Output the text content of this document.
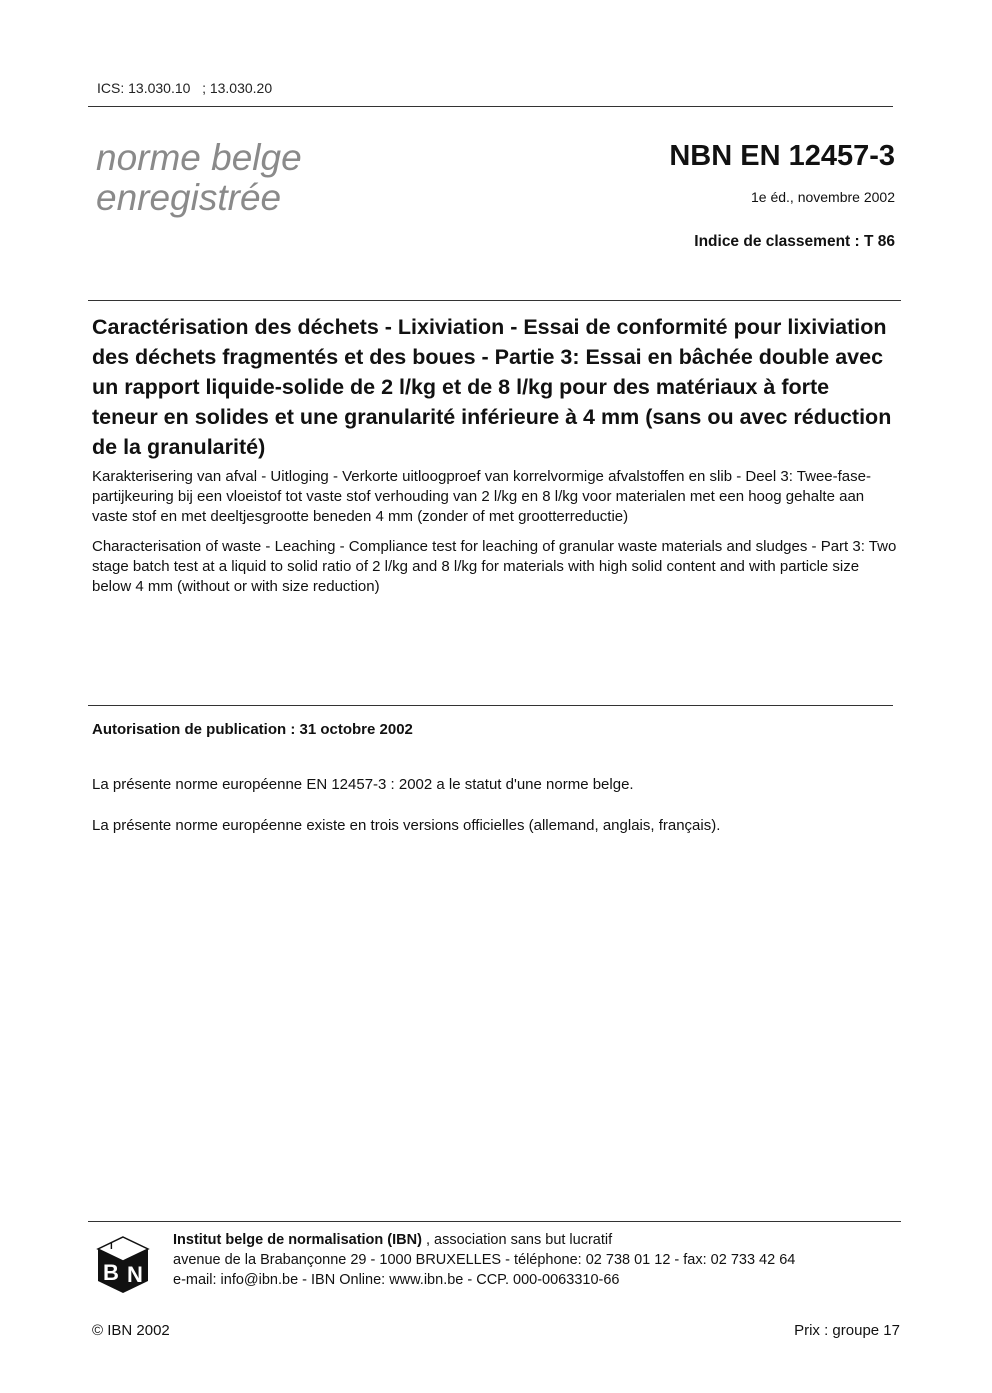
ICS: 13.030.10   ; 13.030.20
norme belge
enregistrée
NBN EN 12457-3
1e éd., novembre 2002
Indice de classement : T 86
Caractérisation des déchets - Lixiviation - Essai de conformité pour lixiviation des déchets fragmentés et des boues - Partie 3: Essai en bâchée double avec un rapport liquide-solide de 2 l/kg et de 8 l/kg pour des matériaux à forte teneur en solides et une granularité inférieure à 4 mm (sans ou avec réduction de la granularité)
Karakterisering van afval - Uitloging - Verkorte uitloogproef van korrelvormige afvalstoffen en slib - Deel 3: Twee-fase-partijkeuring bij een vloeistof tot vaste stof verhouding van 2 l/kg en 8 l/kg voor materialen met een hoog gehalte aan vaste stof en met deeltjesgrootte beneden 4 mm (zonder of met grootterreductie)
Characterisation of waste - Leaching - Compliance test for leaching of granular waste materials and sludges - Part 3: Two stage batch test at a liquid to solid ratio of 2 l/kg and 8 l/kg for materials with high solid content and with particle size below 4 mm (without or with size reduction)
Autorisation de publication : 31 octobre 2002
La présente norme européenne EN 12457-3 : 2002 a le statut d'une norme belge.
La présente norme européenne existe en trois versions officielles (allemand, anglais, français).
I
B N
Institut belge de normalisation (IBN) , association sans but lucratif
avenue de la Brabançonne 29 - 1000 BRUXELLES - téléphone: 02 738 01 12 - fax: 02 733 42 64
e-mail: info@ibn.be - IBN Online: www.ibn.be - CCP. 000-0063310-66
© IBN 2002	Prix : groupe 17
